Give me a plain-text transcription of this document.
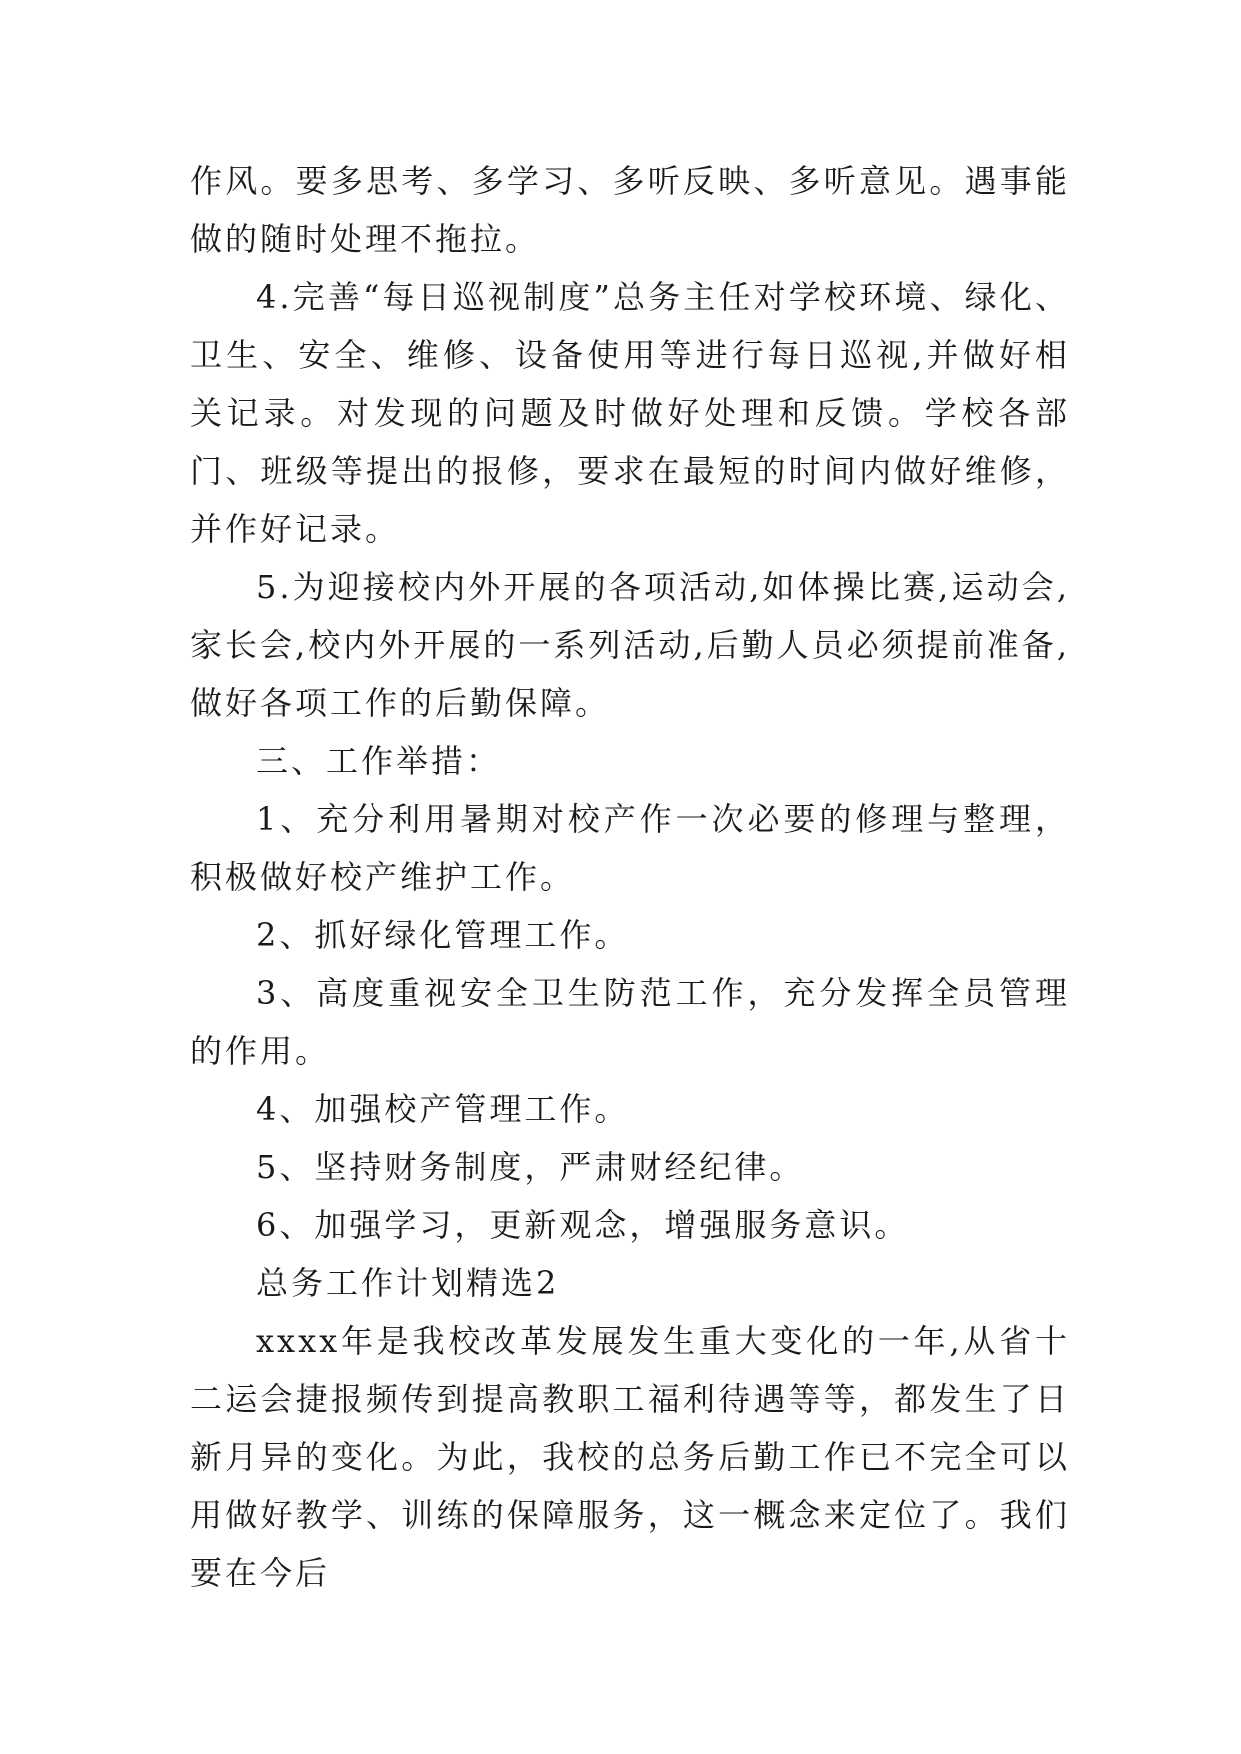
作风。要多思考、多学习、多听反映、多听意见。遇事能做的随时处理不拖拉。

4.完善“每日巡视制度”总务主任对学校环境、绿化、卫生、安全、维修、设备使用等进行每日巡视,并做好相关记录。对发现的问题及时做好处理和反馈。学校各部门、班级等提出的报修，要求在最短的时间内做好维修，并作好记录。

5.为迎接校内外开展的各项活动,如体操比赛,运动会,家长会,校内外开展的一系列活动,后勤人员必须提前准备,做好各项工作的后勤保障。

三、工作举措：

1、充分利用暑期对校产作一次必要的修理与整理，积极做好校产维护工作。

2、抓好绿化管理工作。

3、高度重视安全卫生防范工作，充分发挥全员管理的作用。

4、加强校产管理工作。

5、坚持财务制度，严肃财经纪律。

6、加强学习，更新观念，增强服务意识。

总务工作计划精选2

xxxx年是我校改革发展发生重大变化的一年,从省十二运会捷报频传到提高教职工福利待遇等等，都发生了日新月异的变化。为此，我校的总务后勤工作已不完全可以用做好教学、训练的保障服务，这一概念来定位了。我们要在今后
